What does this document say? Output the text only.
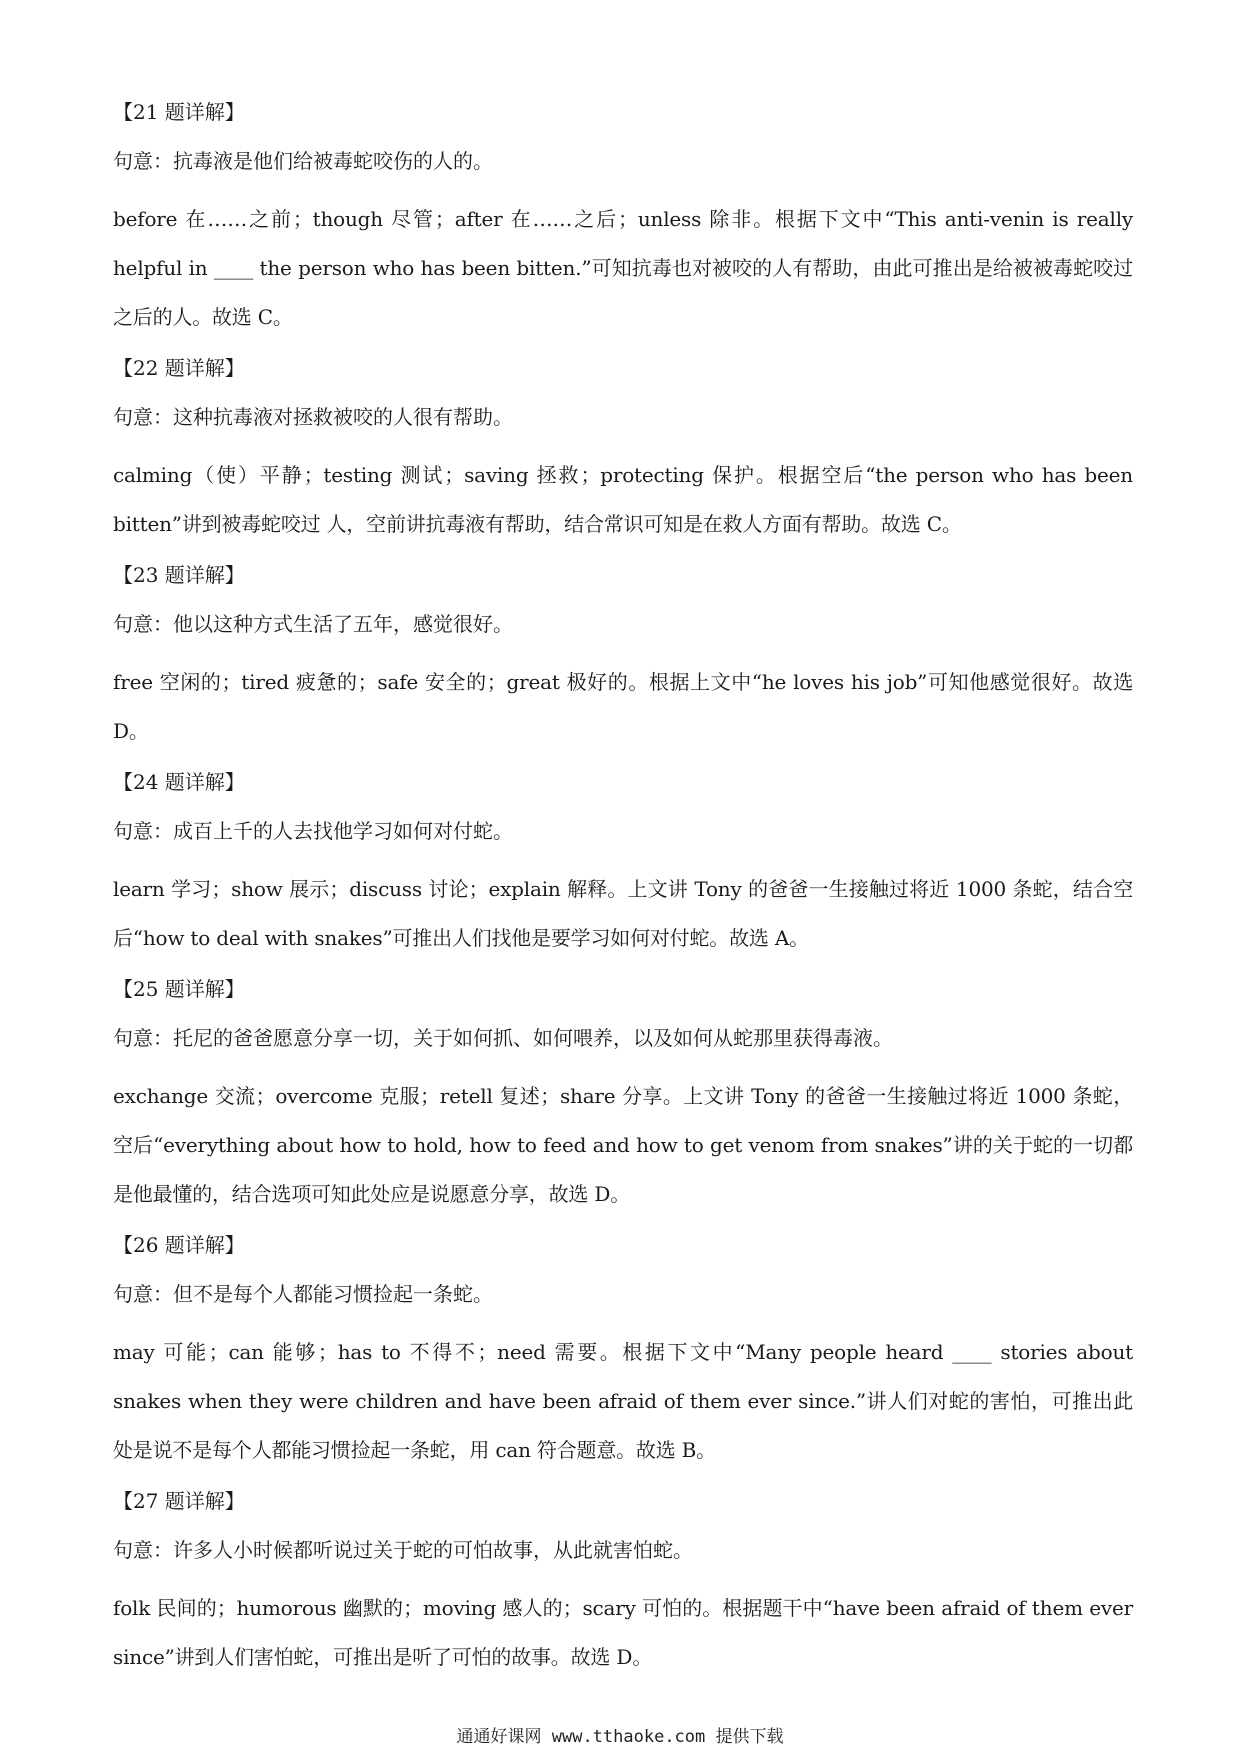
【21 题详解】
句意：抗毒液是他们给被毒蛇咬伤的人的。
before 在……之前；though 尽管；after 在……之后；unless 除非。根据下文中“This anti-venin is really helpful in ____ the person who has been bitten.”可知抗毒也对被咬的人有帮助，由此可推出是给被被毒蛇咬过之后的人。故选 C。
【22 题详解】
句意：这种抗毒液对拯救被咬的人很有帮助。
calming（使）平静；testing 测试；saving 拯救；protecting 保护。根据空后“the person who has been bitten”讲到被毒蛇咬过 人，空前讲抗毒液有帮助，结合常识可知是在救人方面有帮助。故选 C。
【23 题详解】
句意：他以这种方式生活了五年，感觉很好。
free 空闲的；tired 疲惫的；safe 安全的；great 极好的。根据上文中“he loves his job”可知他感觉很好。故选 D。
【24 题详解】
句意：成百上千的人去找他学习如何对付蛇。
learn 学习；show 展示；discuss 讨论；explain 解释。上文讲 Tony 的爸爸一生接触过将近 1000 条蛇，结合空后“how to deal with snakes”可推出人们找他是要学习如何对付蛇。故选 A。
【25 题详解】
句意：托尼的爸爸愿意分享一切，关于如何抓、如何喂养，以及如何从蛇那里获得毒液。
exchange 交流；overcome 克服；retell 复述；share 分享。上文讲 Tony 的爸爸一生接触过将近 1000 条蛇，空后“everything about how to hold, how to feed and how to get venom from snakes”讲的关于蛇的一切都是他最懂的，结合选项可知此处应是说愿意分享，故选 D。
【26 题详解】
句意：但不是每个人都能习惯捡起一条蛇。
may 可能；can 能够；has to 不得不；need 需要。根据下文中“Many people heard ____ stories about snakes when they were children and have been afraid of them ever since.”讲人们对蛇的害怕，可推出此处是说不是每个人都能习惯捡起一条蛇，用 can 符合题意。故选 B。
【27 题详解】
句意：许多人小时候都听说过关于蛇的可怕故事，从此就害怕蛇。
folk 民间的；humorous 幽默的；moving 感人的；scary 可怕的。根据题干中“have been afraid of them ever since”讲到人们害怕蛇，可推出是听了可怕的故事。故选 D。
通通好课网 www.tthaoke.com 提供下载
